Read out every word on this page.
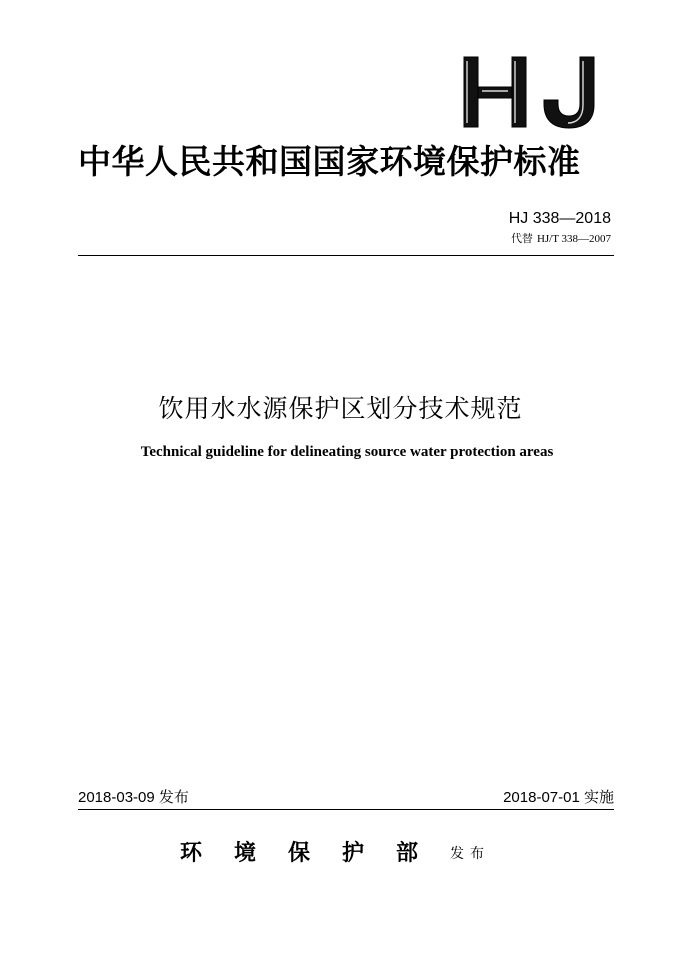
中华人民共和国国家环境保护标准
HJ 338—2018
代替 HJ/T 338—2007
饮用水水源保护区划分技术规范
Technical guideline for delineating source water protection areas
2018-03-09 发布	2018-07-01 实施
环境保护部发布
